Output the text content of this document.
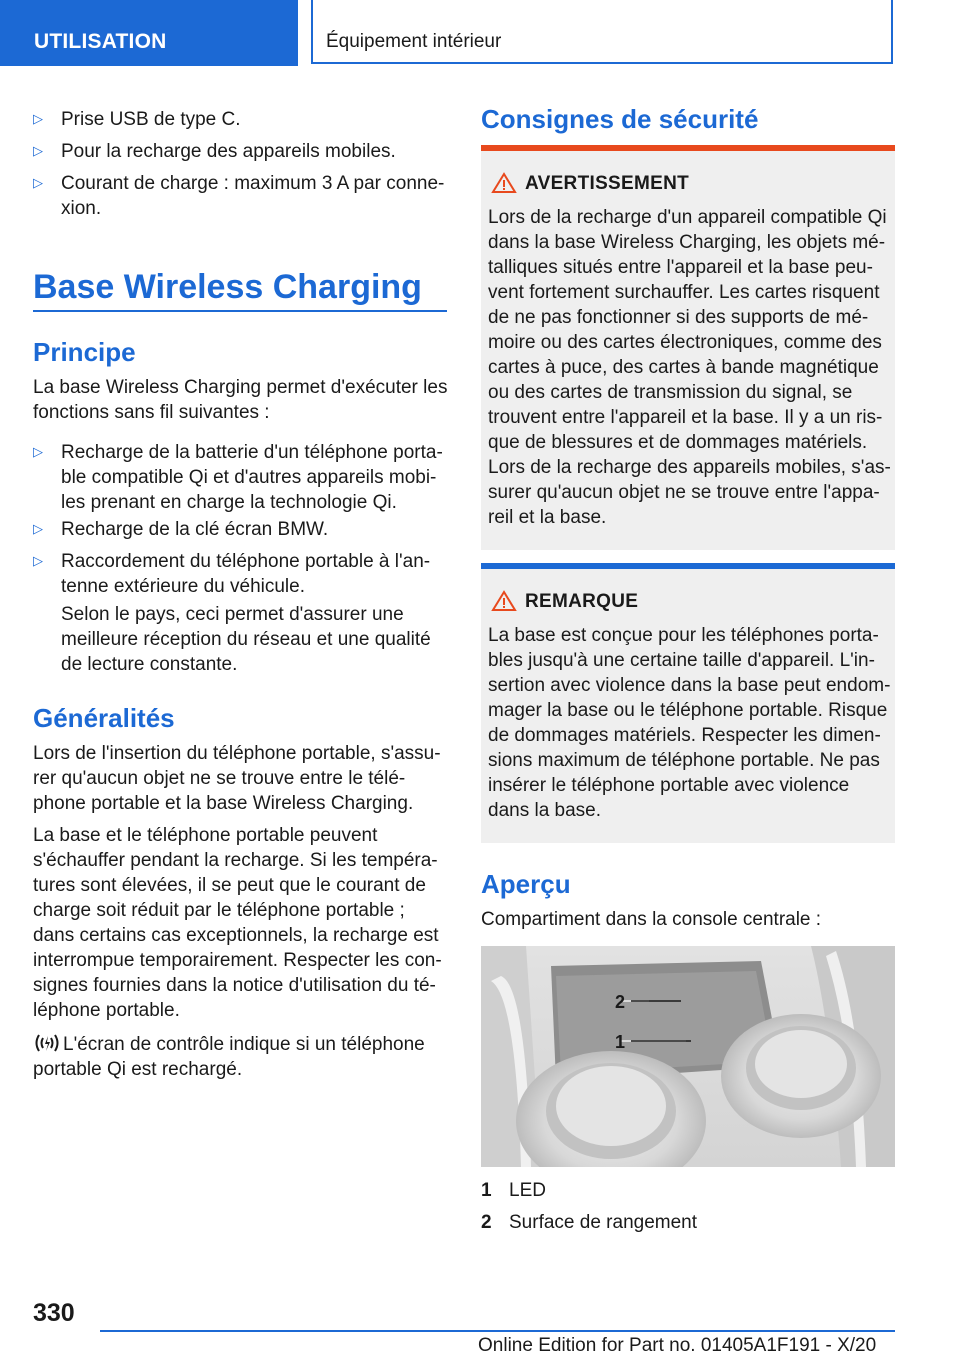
UTILISATION	Équipement intérieur
▷ Prise USB de type C.
▷ Pour la recharge des appareils mobiles.
▷ Courant de charge : maximum 3 A par conne-
xion.
Base Wireless Charging
Principe
La base Wireless Charging permet d'exécuter les fonctions sans fil suivantes :
▷ Recharge de la batterie d'un téléphone porta-
ble compatible Qi et d'autres appareils mobi-
les prenant en charge la technologie Qi.
▷ Recharge de la clé écran BMW.
▷ Raccordement du téléphone portable à l'an-
tenne extérieure du véhicule.
Selon le pays, ceci permet d'assurer une
meilleure réception du réseau et une qualité
de lecture constante.
Généralités
Lors de l'insertion du téléphone portable, s'assu-
rer qu'aucun objet ne se trouve entre le télé-
phone portable et la base Wireless Charging.
La base et le téléphone portable peuvent
s'échauffer pendant la recharge. Si les tempéra-
tures sont élevées, il se peut que le courant de
charge soit réduit par le téléphone portable ;
dans certains cas exceptionnels, la recharge est
interrompue temporairement. Respecter les con-
signes fournies dans la notice d'utilisation du té-
léphone portable.
L'écran de contrôle indique si un téléphone
portable Qi est rechargé.
Consignes de sécurité
AVERTISSEMENT
Lors de la recharge d'un appareil compatible Qi
dans la base Wireless Charging, les objets mé-
talliques situés entre l'appareil et la base peu-
vent fortement surchauffer. Les cartes risquent
de ne pas fonctionner si des supports de mé-
moire ou des cartes électroniques, comme des
cartes à puce, des cartes à bande magnétique
ou des cartes de transmission du signal, se
trouvent entre l'appareil et la base. Il y a un ris-
que de blessures et de dommages matériels.
Lors de la recharge des appareils mobiles, s'as-
surer qu'aucun objet ne se trouve entre l'appa-
reil et la base.
REMARQUE
La base est conçue pour les téléphones porta-
bles jusqu'à une certaine taille d'appareil. L'in-
sertion avec violence dans la base peut endom-
mager la base ou le téléphone portable. Risque
de dommages matériels. Respecter les dimen-
sions maximum de téléphone portable. Ne pas
insérer le téléphone portable avec violence
dans la base.
Aperçu
Compartiment dans la console centrale :
2
1
1 LED
2 Surface de rangement
330
Online Edition for Part no. 01405A1F191 - X/20
